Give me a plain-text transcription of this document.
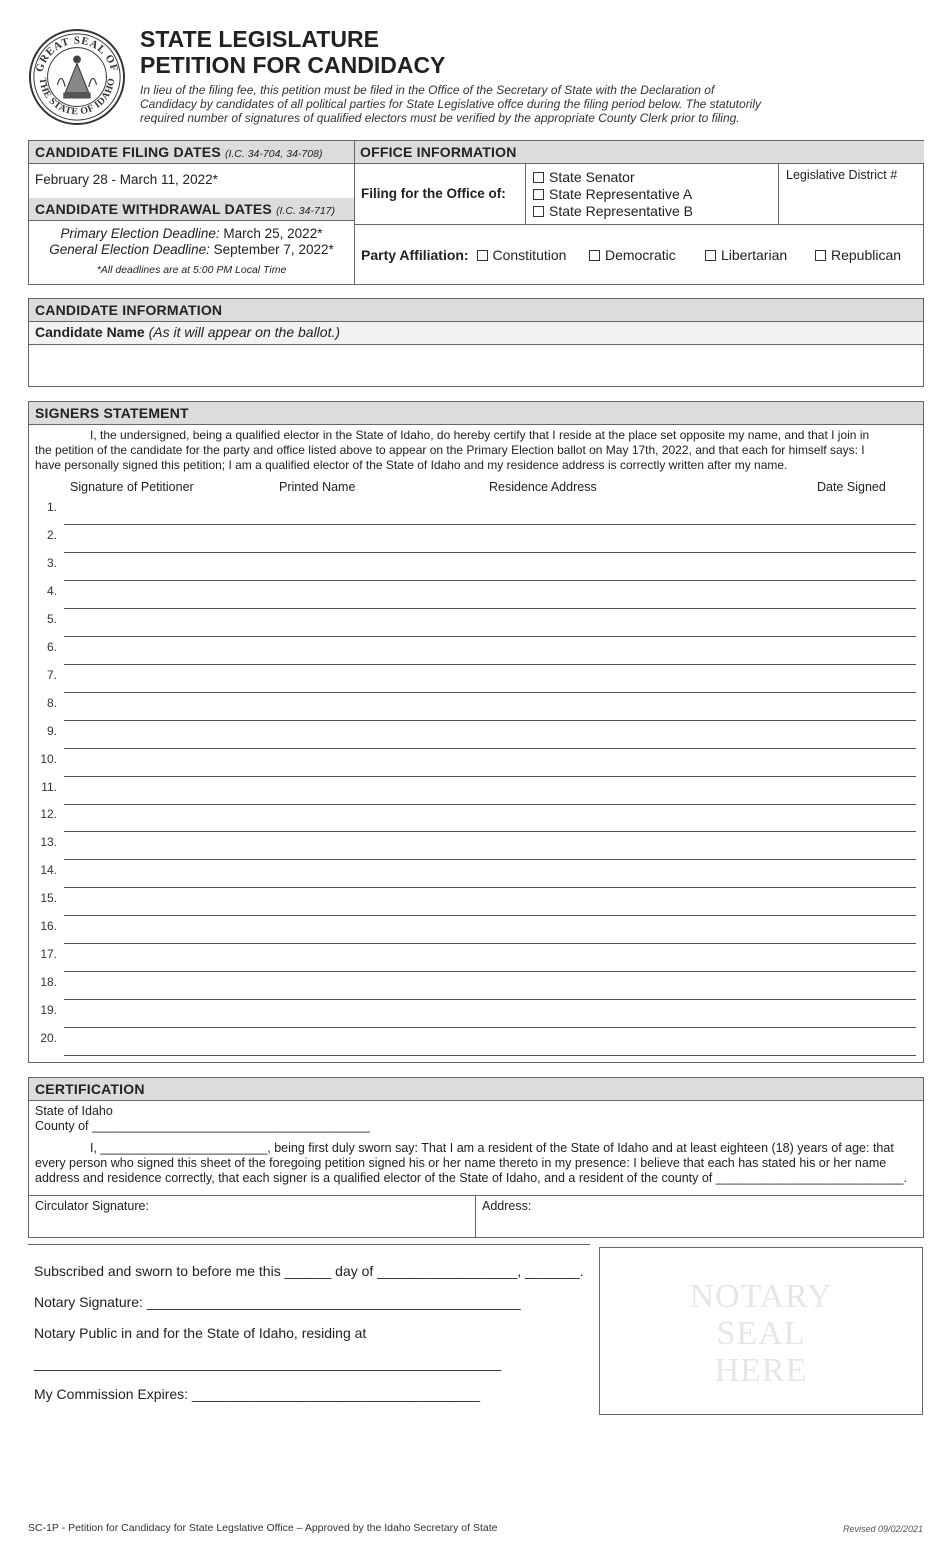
GREAT SEAL OF
THE STATE OF IDAHO
STATE LEGISLATURE
PETITION FOR CANDIDACY
In lieu of the filing fee, this petition must be filed in the Office of the Secretary of State with the Declaration of
Candidacy by candidates of all political parties for State Legislative offce during the filing period below. The statutorily
required number of signatures of qualified electors must be verified by the appropriate County Clerk prior to filing.
CANDIDATE FILING DATES (I.C. 34-704, 34-708)	OFFICE INFORMATION
February 28 - March 11, 2022*
CANDIDATE WITHDRAWAL DATES (I.C. 34-717)
Primary Election Deadline: March 25, 2022*
General Election Deadline: September 7, 2022*
*All deadlines are at 5:00 PM Local Time
Filing for the Office of:
State Senator
State Representative A
State Representative B
Legislative District #
Party Affiliation: Constitution	Democratic	Libertarian	Republican
CANDIDATE INFORMATION
Candidate Name (As it will appear on the ballot.)
SIGNERS STATEMENT
I, the undersigned, being a qualified elector in the State of Idaho, do hereby certify that I reside at the place set opposite my name, and that I join in
the petition of the candidate for the party and office listed above to appear on the Primary Election ballot on May 17th, 2022, and that each for himself says: I
have personally signed this petition; I am a qualified elector of the State of Idaho and my residence address is correctly written after my name.
Signature of Petitioner	Printed Name	Residence Address	Date Signed
1.
2.
3.
4.
5.
6.
7.
8.
9.
10.
11.
12.
13.
14.
15.
16.
17.
18.
19.
20.
CERTIFICATION
State of Idaho
County of ________________________________________
I, ________________________, being first duly sworn say: That I am a resident of the State of Idaho and at least eighteen (18) years of age: that
every person who signed this sheet of the foregoing petition signed his or her name thereto in my presence: I believe that each has stated his or her name
address and residence correctly, that each signer is a qualified elector of the State of Idaho, and a resident of the county of ___________________________.
Circulator Signature:	Address:
Subscribed and sworn to before me this ______ day of __________________, _______.
Notary Signature: ________________________________________________
Notary Public in and for the State of Idaho, residing at
____________________________________________________________
My Commission Expires: _____________________________________
NOTARY
SEAL
HERE
SC-1P - Petition for Candidacy for State Legslative Office – Approved by the Idaho Secretary of State	Revised 09/02/2021
